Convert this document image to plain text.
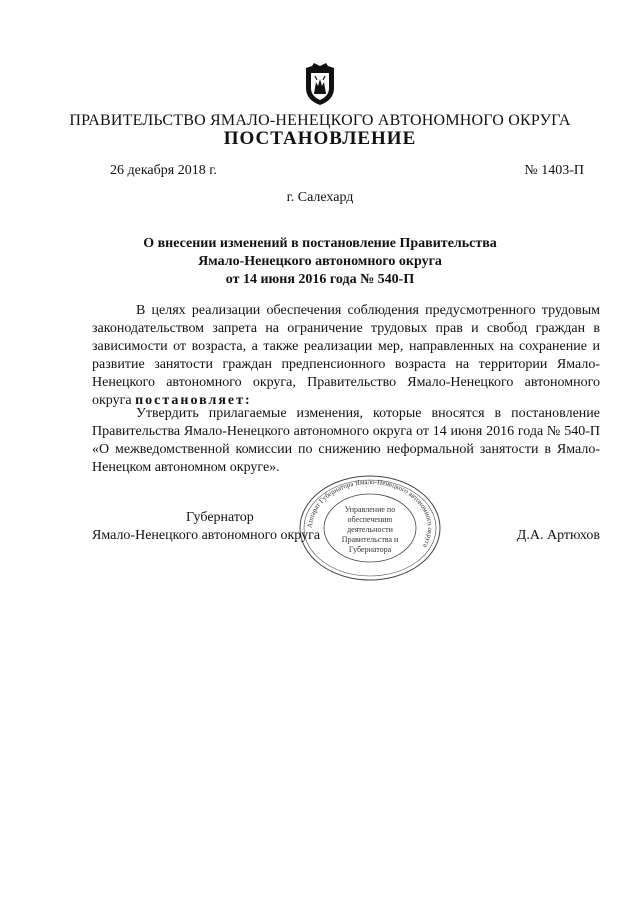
ПРАВИТЕЛЬСТВО ЯМАЛО-НЕНЕЦКОГО АВТОНОМНОГО ОКРУГА
ПОСТАНОВЛЕНИЕ
26 декабря 2018 г.	№ 1403-П
г. Салехард
О внесении изменений в постановление Правительства
Ямало-Ненецкого автономного округа
от 14 июня 2016 года № 540-П
В целях реализации обеспечения соблюдения предусмотренного трудовым законодательством запрета на ограничение трудовых прав и свобод граждан в зависимости от возраста, а также реализации мер, направленных на сохранение и развитие занятости граждан предпенсионного возраста на территории Ямало-Ненецкого автономного округа, Правительство Ямало-Ненецкого автономного округа постановляет:
Утвердить прилагаемые изменения, которые вносятся в постановление Правительства Ямало-Ненецкого автономного округа от 14 июня 2016 года № 540-П «О межведомственной комиссии по снижению неформальной занятости в Ямало-Ненецком автономном округе».
Аппарат Губернатора Ямало-Ненецкого автономного округа
Управление по обеспечению деятельности Правительства и Губернатора
Губернатор
Ямало-Ненецкого автономного округа	Д.А. Артюхов
